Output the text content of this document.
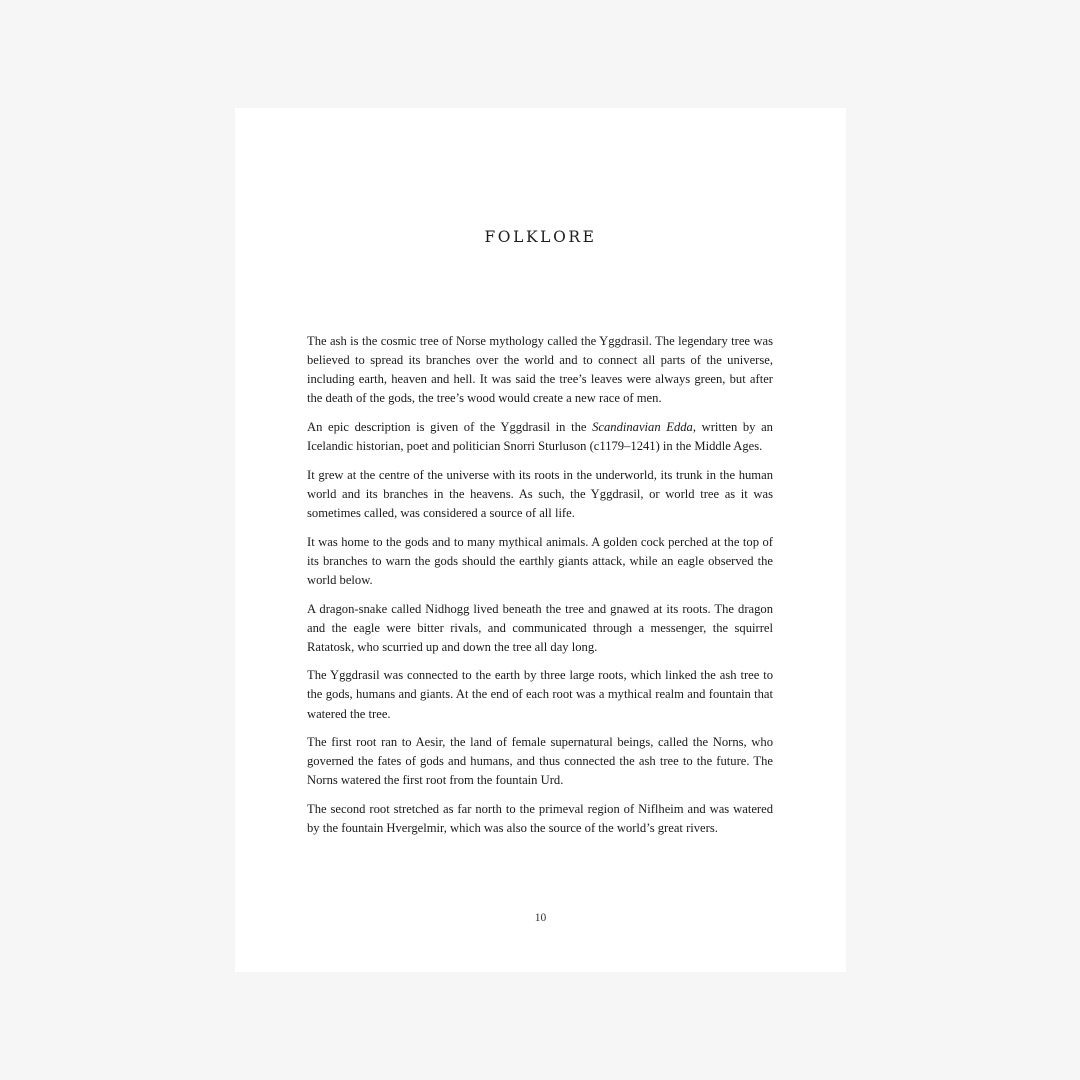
FOLKLORE

The ash is the cosmic tree of Norse mythology called the Yggdrasil. The legendary tree was believed to spread its branches over the world and to connect all parts of the universe, including earth, heaven and hell. It was said the tree’s leaves were always green, but after the death of the gods, the tree’s wood would create a new race of men.

An epic description is given of the Yggdrasil in the Scandinavian Edda, written by an Icelandic historian, poet and politician Snorri Sturluson (c1179–1241) in the Middle Ages.

It grew at the centre of the universe with its roots in the underworld, its trunk in the human world and its branches in the heavens. As such, the Yggdrasil, or world tree as it was sometimes called, was considered a source of all life.

It was home to the gods and to many mythical animals. A golden cock perched at the top of its branches to warn the gods should the earthly giants attack, while an eagle observed the world below.

A dragon-snake called Nidhogg lived beneath the tree and gnawed at its roots. The dragon and the eagle were bitter rivals, and communicated through a messenger, the squirrel Ratatosk, who scurried up and down the tree all day long.

The Yggdrasil was connected to the earth by three large roots, which linked the ash tree to the gods, humans and giants. At the end of each root was a mythical realm and fountain that watered the tree.

The first root ran to Aesir, the land of female supernatural beings, called the Norns, who governed the fates of gods and humans, and thus connected the ash tree to the future. The Norns watered the first root from the fountain Urd.

The second root stretched as far north to the primeval region of Niflheim and was watered by the fountain Hvergelmir, which was also the source of the world’s great rivers.

10
